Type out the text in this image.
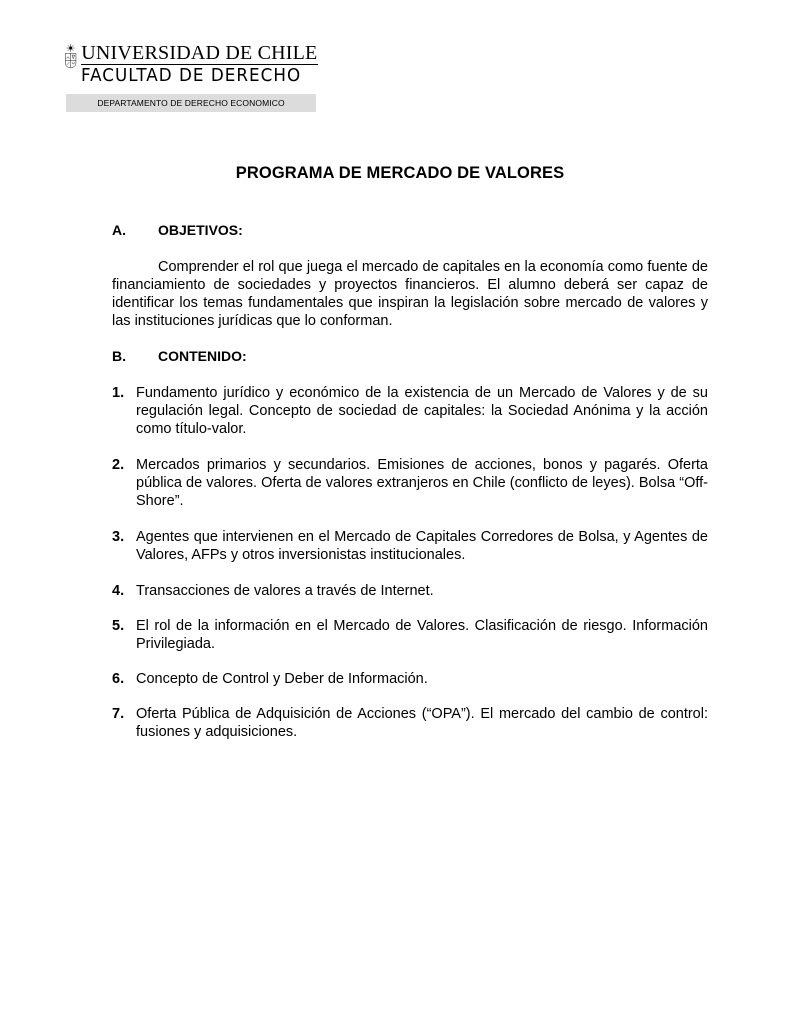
UNIVERSIDAD DE CHILE
FACULTAD DE DERECHO
DEPARTAMENTO DE DERECHO ECONOMICO
PROGRAMA DE MERCADO DE VALORES
A.	OBJETIVOS:
Comprender el rol que juega el mercado de capitales en la economía como fuente de financiamiento de sociedades y proyectos financieros. El alumno deberá ser capaz de identificar los temas fundamentales que inspiran la legislación sobre mercado de valores y las instituciones jurídicas que lo conforman.
B.	CONTENIDO:
1. Fundamento jurídico y económico de la existencia de un Mercado de Valores y de su regulación legal. Concepto de sociedad de capitales: la Sociedad Anónima y la acción como título-valor.
2. Mercados primarios y secundarios. Emisiones de acciones, bonos y pagarés. Oferta pública de valores. Oferta de valores extranjeros en Chile (conflicto de leyes). Bolsa “Off-Shore”.
3. Agentes que intervienen en el Mercado de Capitales Corredores de Bolsa, y Agentes de Valores, AFPs y otros inversionistas institucionales.
4. Transacciones de valores a través de Internet.
5. El rol de la información en el Mercado de Valores. Clasificación de riesgo. Información Privilegiada.
6. Concepto de Control y Deber de Información.
7. Oferta Pública de Adquisición de Acciones (“OPA”). El mercado del cambio de control: fusiones y adquisiciones.
